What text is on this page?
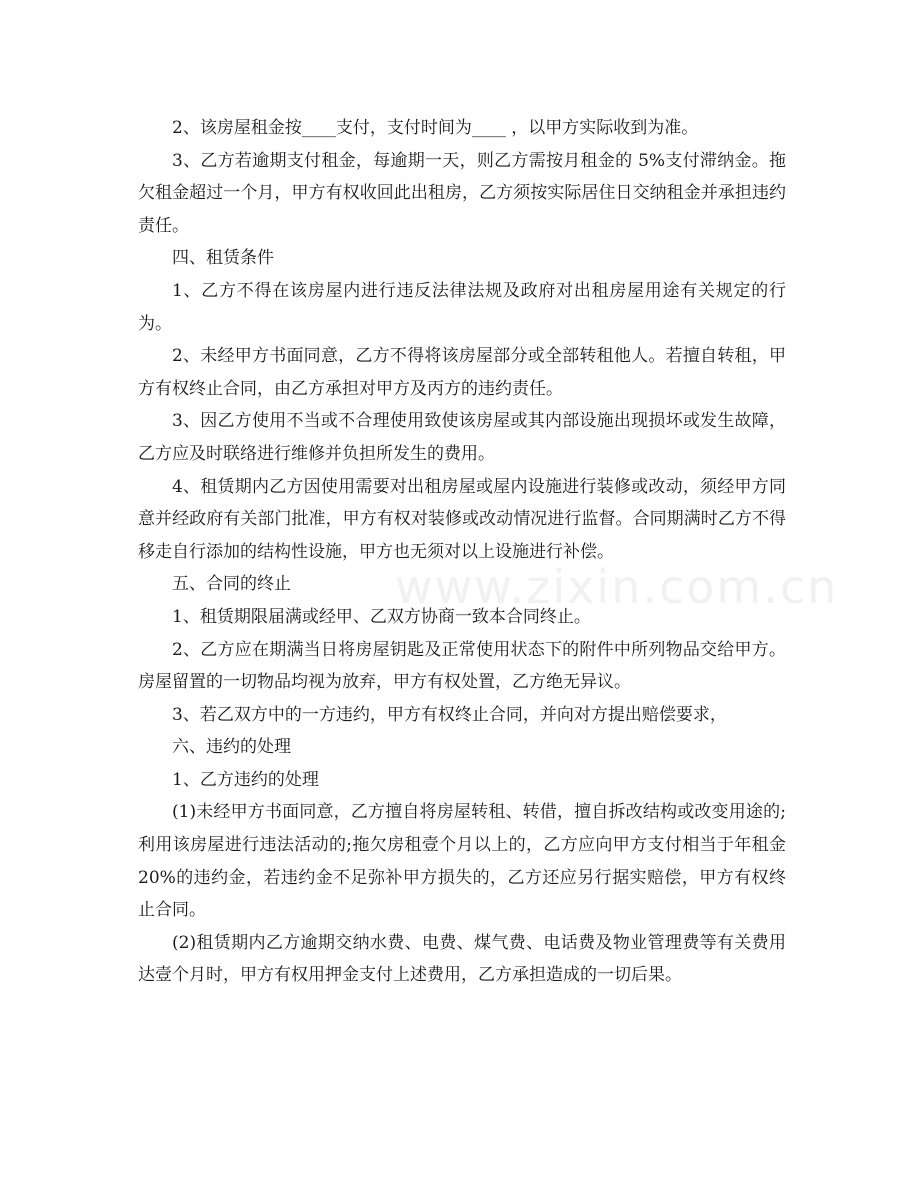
2、该房屋租金按____支付，支付时间为____ ，以甲方实际收到为准。

3、乙方若逾期支付租金，每逾期一天，则乙方需按月租金的 5%支付滞纳金。拖欠租金超过一个月，甲方有权收回此出租房，乙方须按实际居住日交纳租金并承担违约责任。

四、租赁条件

1、乙方不得在该房屋内进行违反法律法规及政府对出租房屋用途有关规定的行为。

2、未经甲方书面同意，乙方不得将该房屋部分或全部转租他人。若擅自转租，甲方有权终止合同，由乙方承担对甲方及丙方的违约责任。

3、因乙方使用不当或不合理使用致使该房屋或其内部设施出现损坏或发生故障，乙方应及时联络进行维修并负担所发生的费用。

4、租赁期内乙方因使用需要对出租房屋或屋内设施进行装修或改动，须经甲方同意并经政府有关部门批准，甲方有权对装修或改动情况进行监督。合同期满时乙方不得移走自行添加的结构性设施，甲方也无须对以上设施进行补偿。

五、合同的终止

1、租赁期限届满或经甲、乙双方协商一致本合同终止。

2、乙方应在期满当日将房屋钥匙及正常使用状态下的附件中所列物品交给甲方。房屋留置的一切物品均视为放弃，甲方有权处置，乙方绝无异议。

3、若乙双方中的一方违约，甲方有权终止合同，并向对方提出赔偿要求，

六、违约的处理

1、乙方违约的处理

(1)未经甲方书面同意，乙方擅自将房屋转租、转借，擅自拆改结构或改变用途的;利用该房屋进行违法活动的;拖欠房租壹个月以上的，乙方应向甲方支付相当于年租金 20%的违约金，若违约金不足弥补甲方损失的，乙方还应另行据实赔偿，甲方有权终止合同。

(2)租赁期内乙方逾期交纳水费、电费、煤气费、电话费及物业管理费等有关费用达壹个月时，甲方有权用押金支付上述费用，乙方承担造成的一切后果。

www.zixin.com.cn
